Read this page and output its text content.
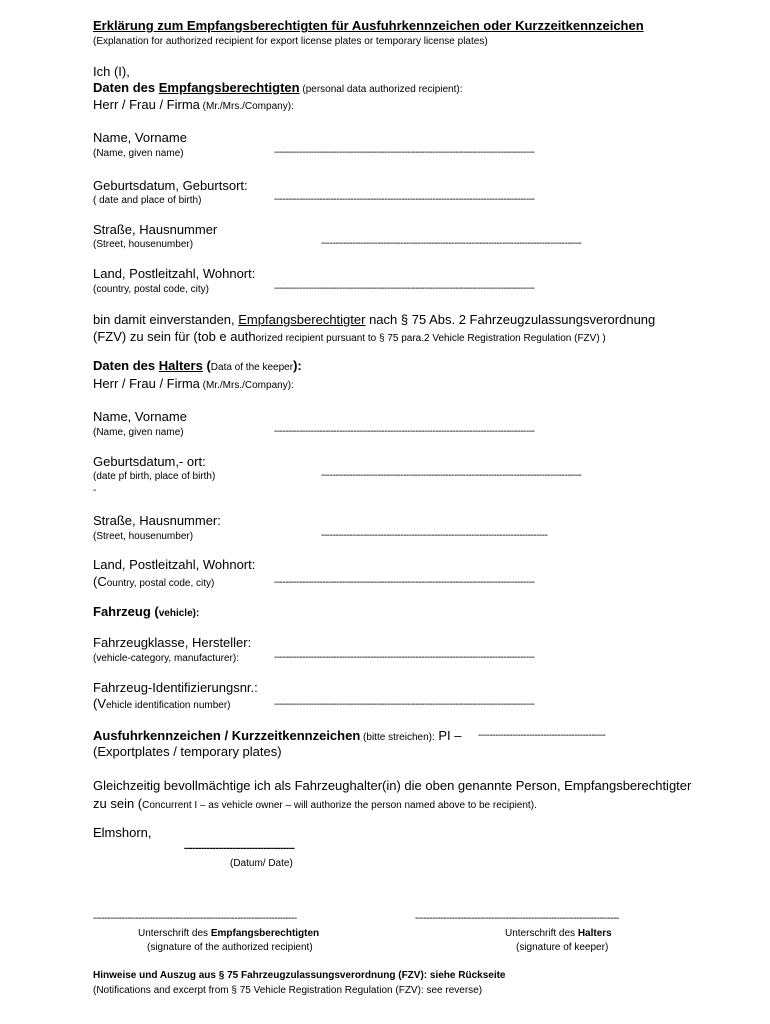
Erklärung zum Empfangsberechtigten für Ausfuhrkennzeichen oder Kurzzeitkennzeichen
(Explanation for authorized recipient for export license plates or temporary license plates)
Ich (I),
Daten des Empfangsberechtigten (personal data authorized recipient):
Herr / Frau / Firma (Mr./Mrs./Company):
Name, Vorname
(Name, given name)	--------------------------------------------------------------------------------------------
Geburtsdatum, Geburtsort:
( date and place of birth)	--------------------------------------------------------------------------------------------
Straße, Hausnummer
(Street, housenumber)	--------------------------------------------------------------------------------------------
Land, Postleitzahl, Wohnort:
(country, postal code, city)	--------------------------------------------------------------------------------------------
bin damit einverstanden, Empfangsberechtigter nach § 75 Abs. 2 Fahrzeugzulassungsverordnung
(FZV) zu sein für (tob e authorized recipient pursuant to § 75 para.2 Vehicle Registration Regulation (FZV) )
Daten des Halters (Data of the keeper):
Herr / Frau / Firma (Mr./Mrs./Company):
Name, Vorname
(Name, given name)	--------------------------------------------------------------------------------------------
Geburtsdatum,- ort:
(date pf birth, place of birth)	--------------------------------------------------------------------------------------------
-
Straße, Hausnummer:
(Street, housenumber)	--------------------------------------------------------------------------------
Land, Postleitzahl, Wohnort:
(Country, postal code, city)	--------------------------------------------------------------------------------------------
Fahrzeug (vehicle):
Fahrzeugklasse, Hersteller:
(vehicle-category, manufacturer):	--------------------------------------------------------------------------------------------
Fahrzeug-Identifizierungsnr.:
(Vehicle identification number)	--------------------------------------------------------------------------------------------
Ausfuhrkennzeichen / Kurzzeitkennzeichen (bitte streichen): PI – ---------------------------------------------
(Exportplates / temporary plates)
Gleichzeitig bevollmächtige ich als Fahrzeughalter(in) die oben genannte Person, Empfangsberechtigter
zu sein (Concurrent I – as vehicle owner – will authorize the person named above to be recipient).
Elmshorn,
---------------------------------------
(Datum/ Date)
------------------------------------------------------------------------
Unterschrift des Empfangsberechtigten
(signature of the authorized recipient)
------------------------------------------------------------------------
Unterschrift des Halters
(signature of keeper)
Hinweise und Auszug aus § 75 Fahrzeugzulassungsverordnung (FZV): siehe Rückseite
(Notifications and excerpt from § 75 Vehicle Registration Regulation (FZV): see reverse)
